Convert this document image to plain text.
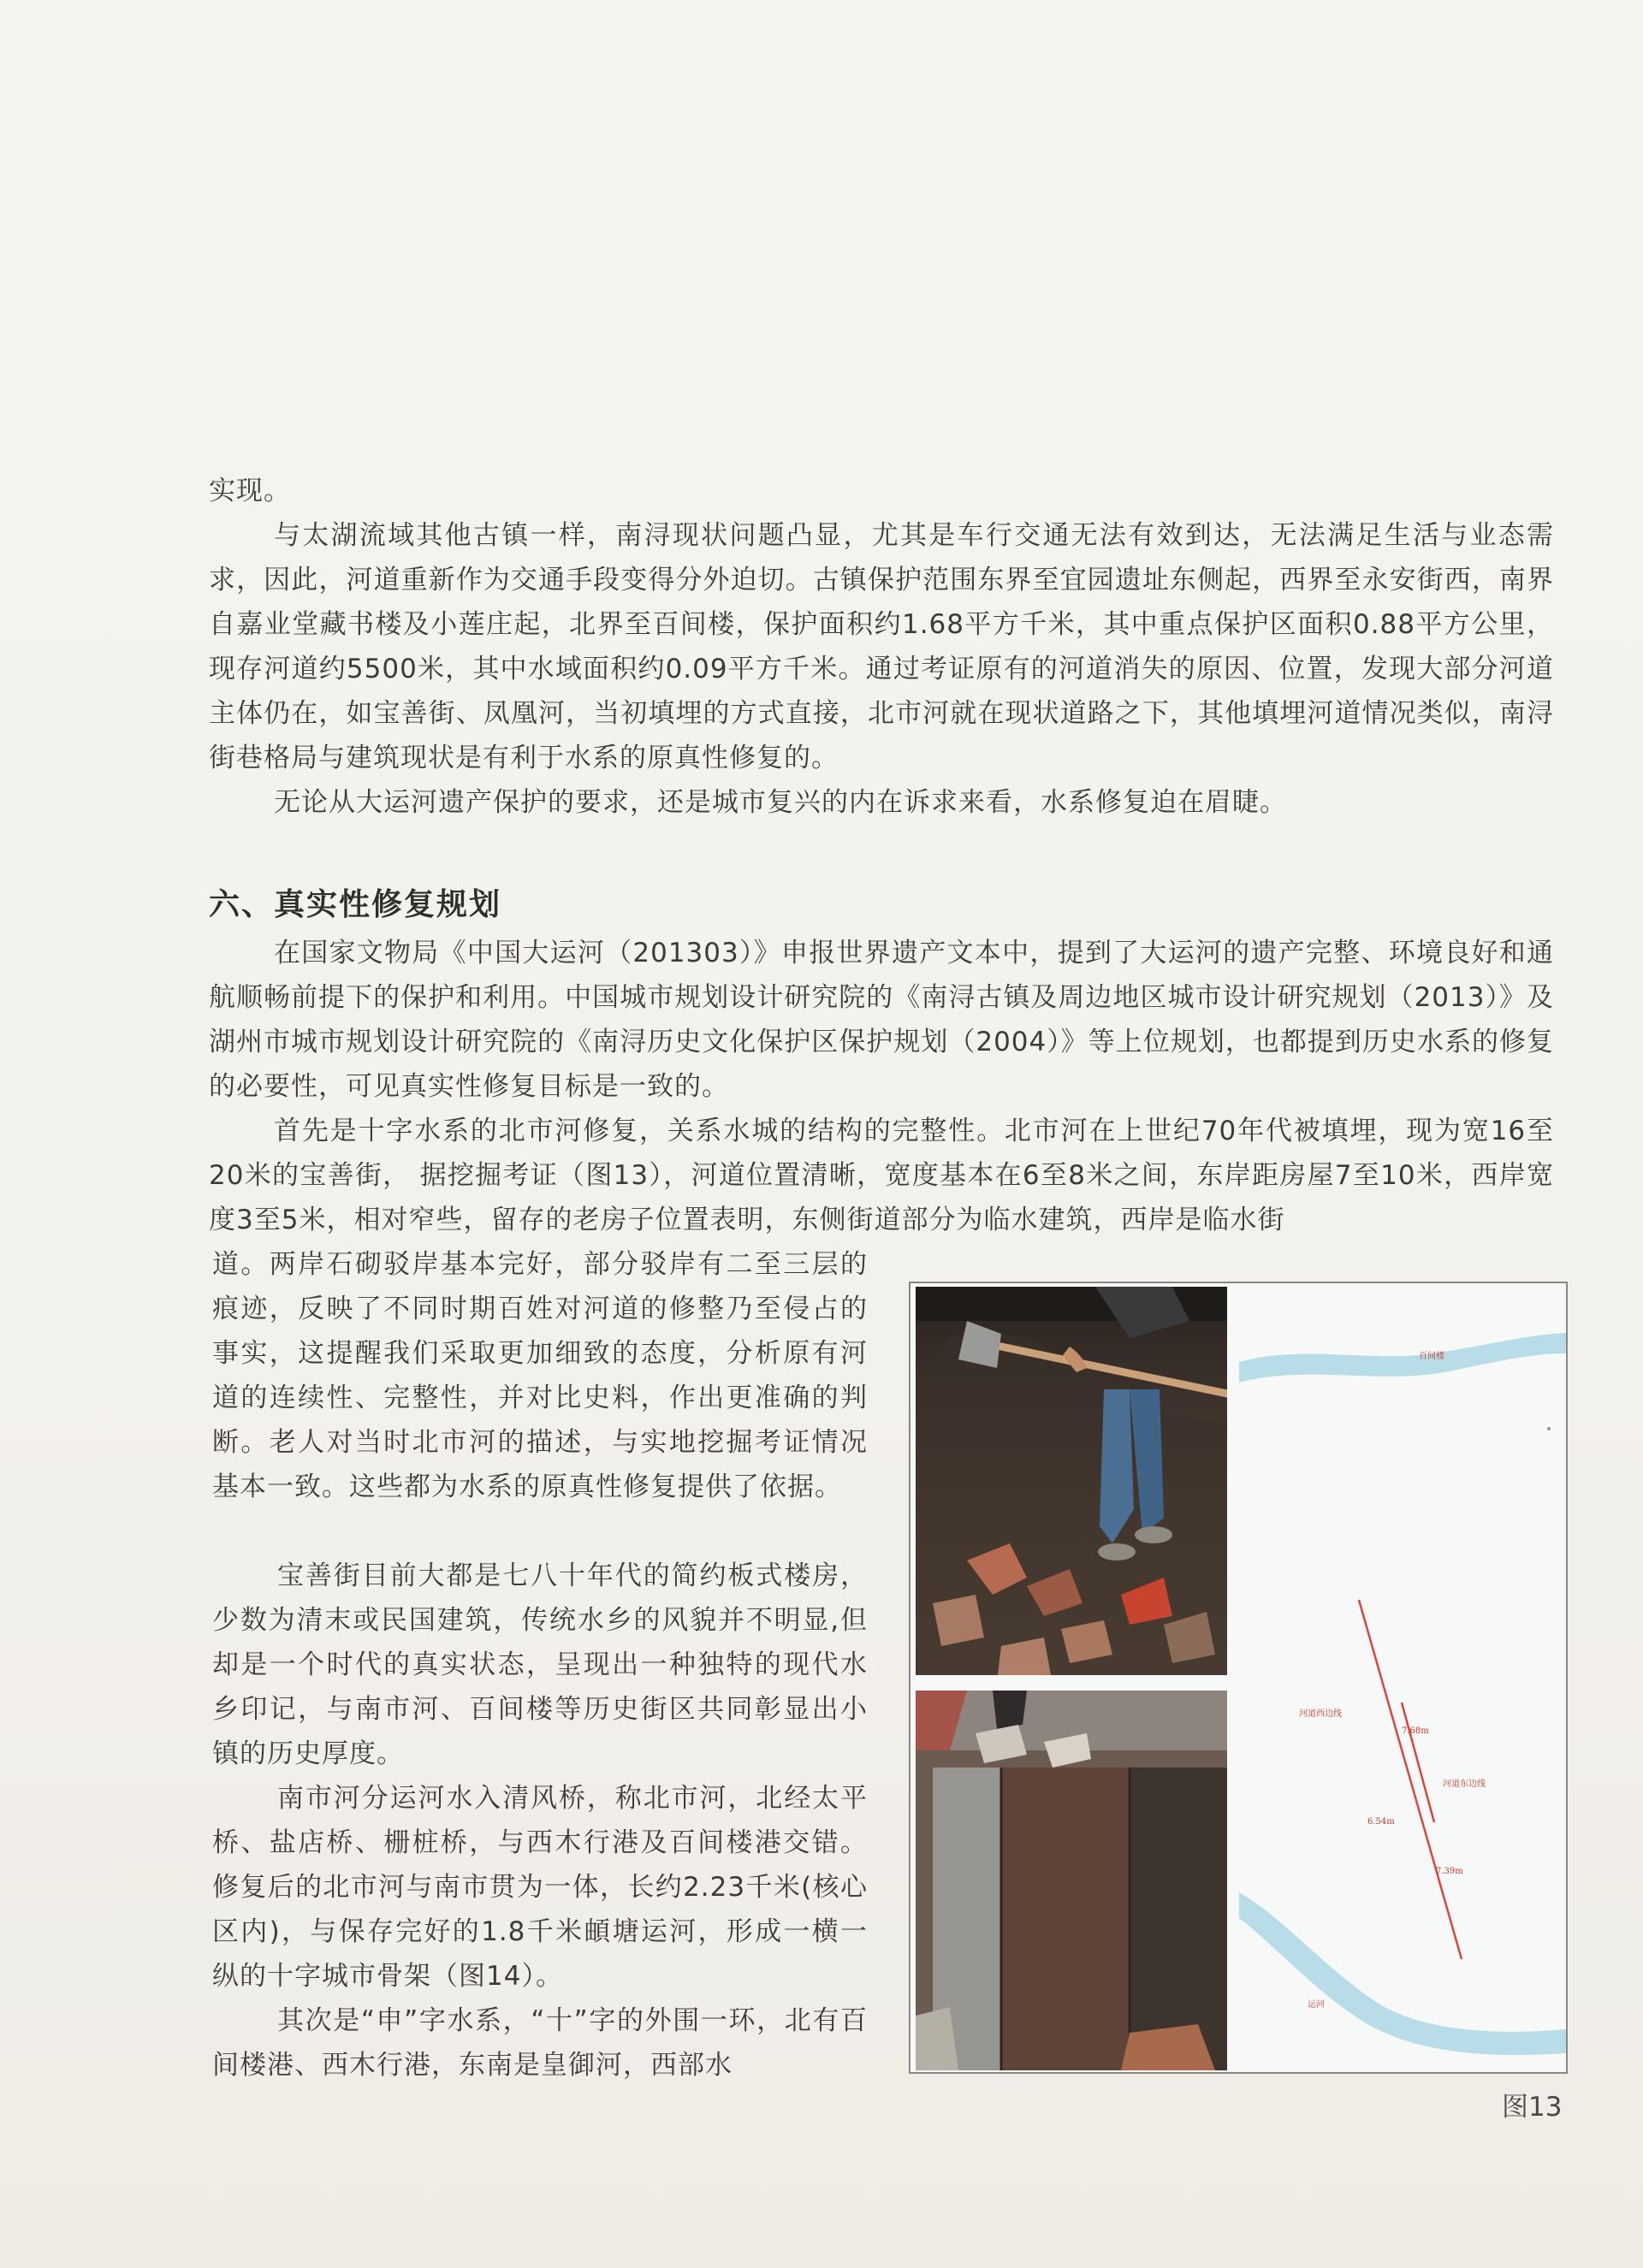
实现。

与太湖流域其他古镇一样，南浔现状问题凸显，尤其是车行交通无法有效到达，无法满足生活与业态需求，因此，河道重新作为交通手段变得分外迫切。古镇保护范围东界至宜园遗址东侧起，西界至永安街西，南界自嘉业堂藏书楼及小莲庄起，北界至百间楼，保护面积约1.68平方千米，其中重点保护区面积0.88平方公里，现存河道约5500米，其中水域面积约0.09平方千米。通过考证原有的河道消失的原因、位置，发现大部分河道主体仍在，如宝善街、凤凰河，当初填埋的方式直接，北市河就在现状道路之下，其他填埋河道情况类似，南浔街巷格局与建筑现状是有利于水系的原真性修复的。

无论从大运河遗产保护的要求，还是城市复兴的内在诉求来看，水系修复迫在眉睫。

六、真实性修复规划

在国家文物局《中国大运河（201303）》申报世界遗产文本中，提到了大运河的遗产完整、环境良好和通航顺畅前提下的保护和利用。中国城市规划设计研究院的《南浔古镇及周边地区城市设计研究规划（2013）》及湖州市城市规划设计研究院的《南浔历史文化保护区保护规划（2004）》等上位规划，也都提到历史水系的修复的必要性，可见真实性修复目标是一致的。

首先是十字水系的北市河修复，关系水城的结构的完整性。北市河在上世纪70年代被填埋，现为宽16至20米的宝善街， 据挖掘考证（图13），河道位置清晰，宽度基本在6至8米之间，东岸距房屋7至10米，西岸宽度3至5米，相对窄些，留存的老房子位置表明，东侧街道部分为临水建筑，西岸是临水街

道。两岸石砌驳岸基本完好，部分驳岸有二至三层的痕迹，反映了不同时期百姓对河道的修整乃至侵占的事实，这提醒我们采取更加细致的态度，分析原有河道的连续性、完整性，并对比史料，作出更准确的判断。老人对当时北市河的描述，与实地挖掘考证情况基本一致。这些都为水系的原真性修复提供了依据。

宝善街目前大都是七八十年代的简约板式楼房，少数为清末或民国建筑，传统水乡的风貌并不明显,但却是一个时代的真实状态，呈现出一种独特的现代水乡印记，与南市河、百间楼等历史街区共同彰显出小镇的历史厚度。

南市河分运河水入清风桥，称北市河，北经太平桥、盐店桥、栅桩桥，与西木行港及百间楼港交错。修复后的北市河与南市贯为一体，长约2.23千米(核心区内)，与保存完好的1.8千米頔塘运河，形成一横一纵的十字城市骨架（图14）。

其次是“申”字水系，“十”字的外围一环，北有百间楼港、西木行港，东南是皇御河，西部水

百间楼
运河
河道西边线
河道东边线
7.68m
6.54m
7.39m

图13
